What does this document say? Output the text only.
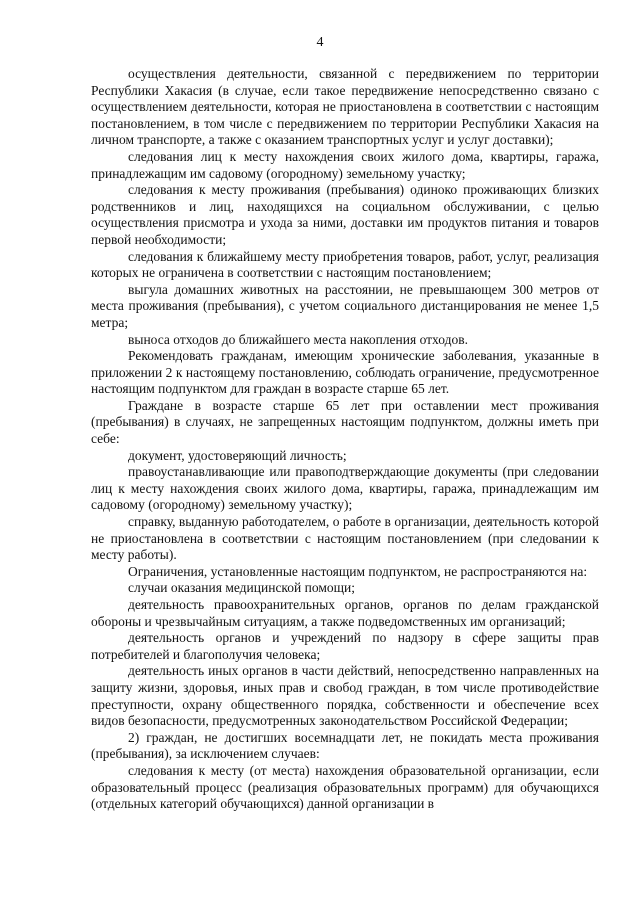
4

осуществления деятельности, связанной с передвижением по территории Республики Хакасия (в случае, если такое передвижение непосредственно связано с осуществлением деятельности, которая не приостановлена в соответствии с настоящим постановлением, в том числе с передвижением по территории Республики Хакасия на личном транспорте, а также с оказанием транспортных услуг и услуг доставки);

следования лиц к месту нахождения своих жилого дома, квартиры, гаража, принадлежащим им садовому (огородному) земельному участку;

следования к месту проживания (пребывания) одиноко проживающих близких родственников и лиц, находящихся на социальном обслуживании, с целью осуществления присмотра и ухода за ними, доставки им продуктов питания и товаров первой необходимости;

следования к ближайшему месту приобретения товаров, работ, услуг, реализация которых не ограничена в соответствии с настоящим постановлением;

выгула домашних животных на расстоянии, не превышающем 300 метров от места проживания (пребывания), с учетом социального дистанцирования не менее 1,5 метра;

выноса отходов до ближайшего места накопления отходов.

Рекомендовать гражданам, имеющим хронические заболевания, указанные в приложении 2 к настоящему постановлению, соблюдать ограничение, предусмотренное настоящим подпунктом для граждан в возрасте старше 65 лет.

Граждане в возрасте старше 65 лет при оставлении мест проживания (пребывания) в случаях, не запрещенных настоящим подпунктом, должны иметь при себе:

документ, удостоверяющий личность;

правоустанавливающие или правоподтверждающие документы (при следовании лиц к месту нахождения своих жилого дома, квартиры, гаража, принадлежащим им садовому (огородному) земельному участку);

справку, выданную работодателем, о работе в организации, деятельность которой не приостановлена в соответствии с настоящим постановлением (при следовании к месту работы).

Ограничения, установленные настоящим подпунктом, не распространяются на:

случаи оказания медицинской помощи;

деятельность правоохранительных органов, органов по делам гражданской обороны и чрезвычайным ситуациям, а также подведомственных им организаций;

деятельность органов и учреждений по надзору в сфере защиты прав потребителей и благополучия человека;

деятельность иных органов в части действий, непосредственно направленных на защиту жизни, здоровья, иных прав и свобод граждан, в том числе противодействие преступности, охрану общественного порядка, собственности и обеспечение всех видов безопасности, предусмотренных законодательством Российской Федерации;

2) граждан, не достигших восемнадцати лет, не покидать места проживания (пребывания), за исключением случаев:

следования к месту (от места) нахождения образовательной организации, если образовательный процесс (реализация образовательных программ) для обучающихся (отдельных категорий обучающихся) данной организации в
